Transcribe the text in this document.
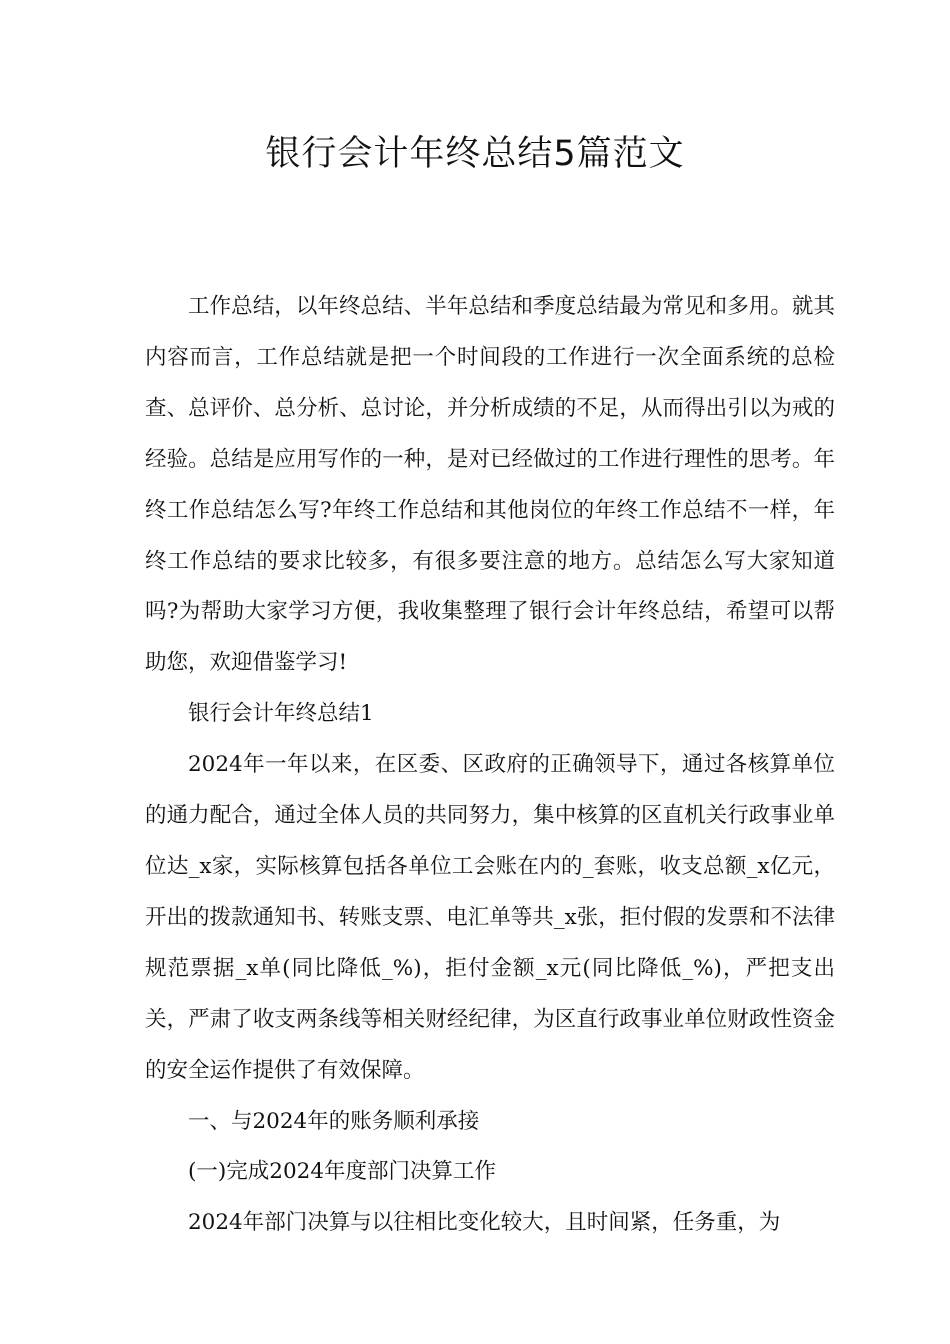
银行会计年终总结5篇范文

工作总结，以年终总结、半年总结和季度总结最为常见和多用。就其内容而言，工作总结就是把一个时间段的工作进行一次全面系统的总检查、总评价、总分析、总讨论，并分析成绩的不足，从而得出引以为戒的经验。总结是应用写作的一种，是对已经做过的工作进行理性的思考。年终工作总结怎么写?年终工作总结和其他岗位的年终工作总结不一样，年终工作总结的要求比较多，有很多要注意的地方。总结怎么写大家知道吗?为帮助大家学习方便，我收集整理了银行会计年终总结，希望可以帮助您，欢迎借鉴学习!

银行会计年终总结1

2024年一年以来，在区委、区政府的正确领导下，通过各核算单位的通力配合，通过全体人员的共同努力，集中核算的区直机关行政事业单位达_x家，实际核算包括各单位工会账在内的_套账，收支总额_x亿元，开出的拨款通知书、转账支票、电汇单等共_x张，拒付假的发票和不法律规范票据_x单(同比降低_%)，拒付金额_x元(同比降低_%)，严把支出关，严肃了收支两条线等相关财经纪律，为区直行政事业单位财政性资金的安全运作提供了有效保障。

一、与2024年的账务顺利承接

(一)完成2024年度部门决算工作

2024年部门决算与以往相比变化较大，且时间紧，任务重，为
